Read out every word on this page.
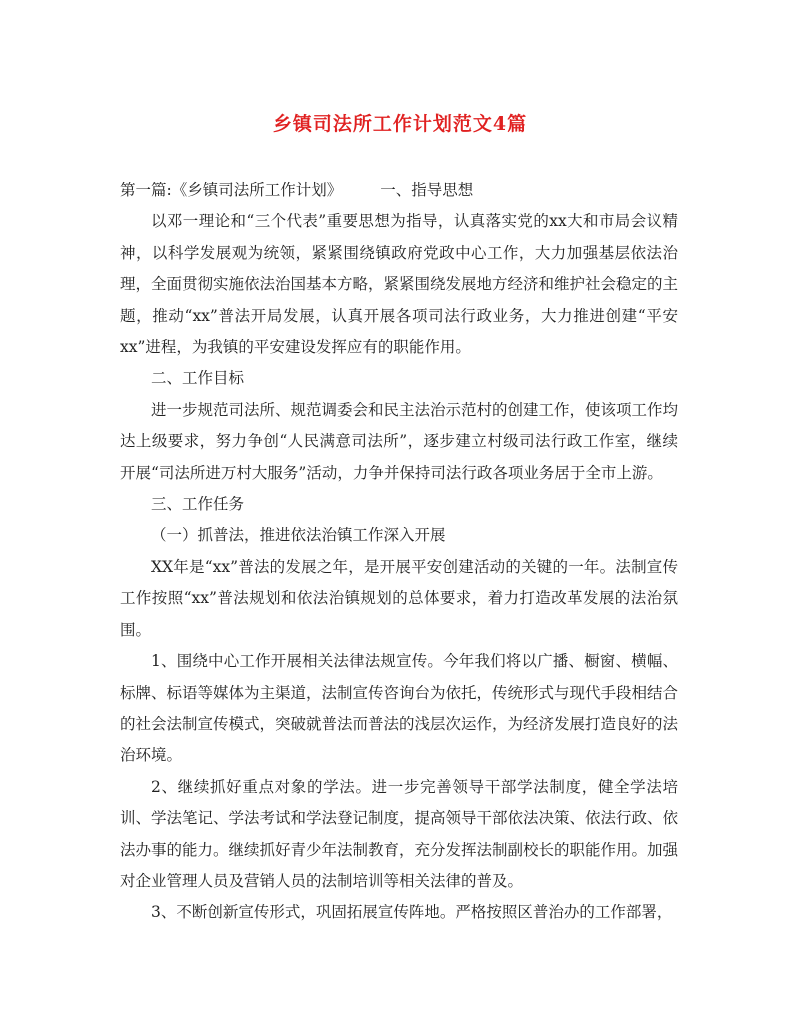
乡镇司法所工作计划范文4篇

第一篇:《乡镇司法所工作计划》 一、指导思想

以邓一理论和“三个代表”重要思想为指导，认真落实党的xx大和市局会议精神，以科学发展观为统领，紧紧围绕镇政府党政中心工作，大力加强基层依法治理，全面贯彻实施依法治国基本方略，紧紧围绕发展地方经济和维护社会稳定的主题，推动“xx”普法开局发展，认真开展各项司法行政业务，大力推进创建“平安xx”进程，为我镇的平安建设发挥应有的职能作用。

二、工作目标

进一步规范司法所、规范调委会和民主法治示范村的创建工作，使该项工作均达上级要求，努力争创“人民满意司法所”，逐步建立村级司法行政工作室，继续开展“司法所进万村大服务”活动，力争并保持司法行政各项业务居于全市上游。

三、工作任务

（一）抓普法，推进依法治镇工作深入开展

XX年是“xx”普法的发展之年，是开展平安创建活动的关键的一年。法制宣传工作按照“xx”普法规划和依法治镇规划的总体要求，着力打造改革发展的法治氛围。

1、围绕中心工作开展相关法律法规宣传。今年我们将以广播、橱窗、横幅、标牌、标语等媒体为主渠道，法制宣传咨询台为依托，传统形式与现代手段相结合的社会法制宣传模式，突破就普法而普法的浅层次运作，为经济发展打造良好的法治环境。

2、继续抓好重点对象的学法。进一步完善领导干部学法制度，健全学法培训、学法笔记、学法考试和学法登记制度，提高领导干部依法决策、依法行政、依法办事的能力。继续抓好青少年法制教育，充分发挥法制副校长的职能作用。加强对企业管理人员及营销人员的法制培训等相关法律的普及。

3、不断创新宣传形式，巩固拓展宣传阵地。严格按照区普治办的工作部署，
